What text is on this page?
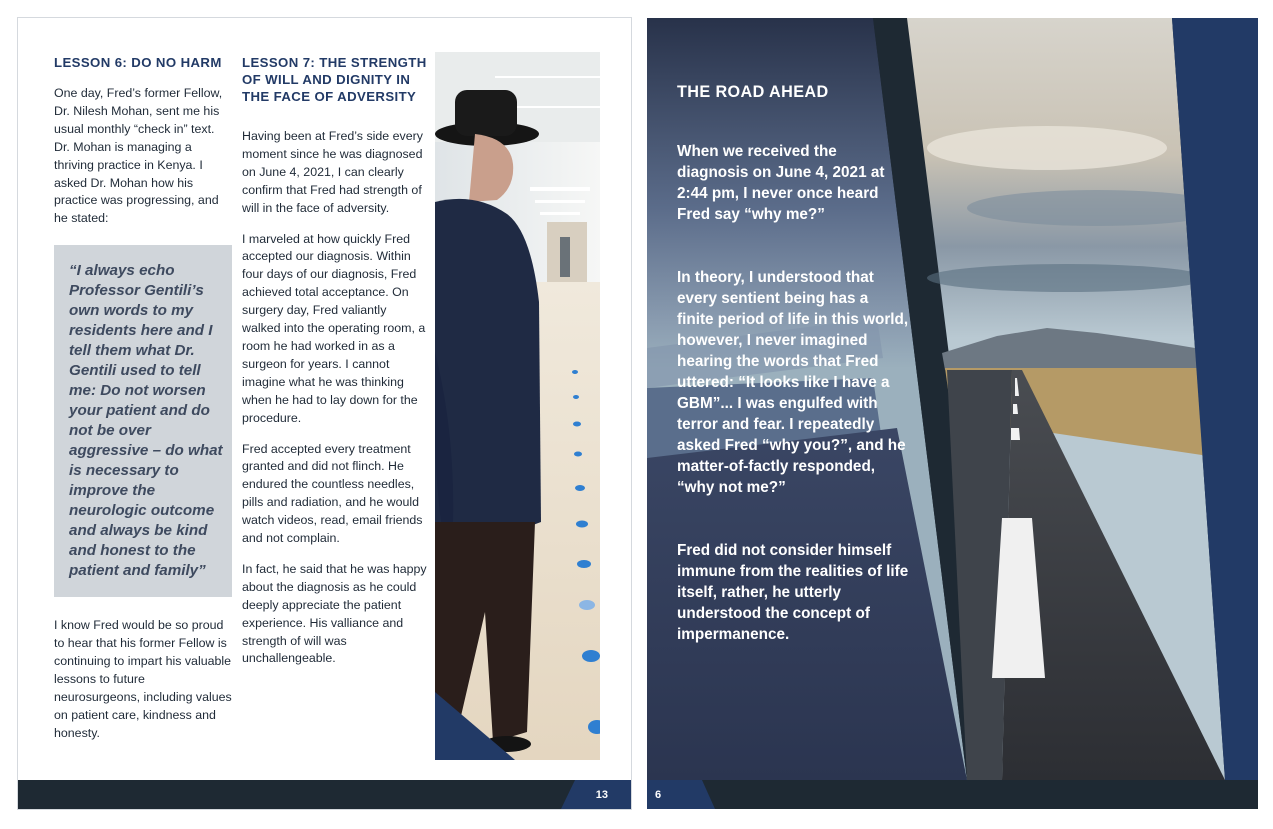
LESSON 6: DO NO HARM

One day, Fred’s former Fellow, Dr. Nilesh Mohan, sent me his usual monthly “check in” text. Dr. Mohan is managing a thriving practice in Kenya. I asked Dr. Mohan how his practice was progressing, and he stated:

“I always echo Professor Gentili’s own words to my residents here and I tell them what Dr. Gentili used to tell me: Do not worsen your patient and do not be over aggressive – do what is necessary to improve the neurologic outcome and always be kind and honest to the patient and family”

I know Fred would be so proud to hear that his former Fellow is continuing to impart his valuable lessons to future neurosurgeons, including values on patient care, kindness and honesty.

LESSON 7: THE STRENGTH OF WILL AND DIGNITY IN THE FACE OF ADVERSITY

Having been at Fred’s side every moment since he was diagnosed on June 4, 2021, I can clearly confirm that Fred had strength of will in the face of adversity.

I marveled at how quickly Fred accepted our diagnosis. Within four days of our diagnosis, Fred achieved total acceptance. On surgery day, Fred valiantly walked into the operating room, a room he had worked in as a surgeon for years. I cannot imagine what he was thinking when he had to lay down for the procedure.

Fred accepted every treatment granted and did not flinch. He endured the countless needles, pills and radiation, and he would watch videos, read, email friends and not complain.

In fact, he said that he was happy about the diagnosis as he could deeply appreciate the patient experience. His valliance and strength of will was unchallengeable.

13
THE ROAD AHEAD

When we received the diagnosis on June 4, 2021 at 2:44 pm, I never once heard Fred say “why me?”

In theory, I understood that every sentient being has a finite period of life in this world, however, I never imagined hearing the words that Fred uttered: “It looks like I have a GBM”... I was engulfed with terror and fear. I repeatedly asked Fred “why you?”, and he matter-of-factly responded, “why not me?”

Fred did not consider himself immune from the realities of life itself, rather, he utterly understood the concept of impermanence.

6
